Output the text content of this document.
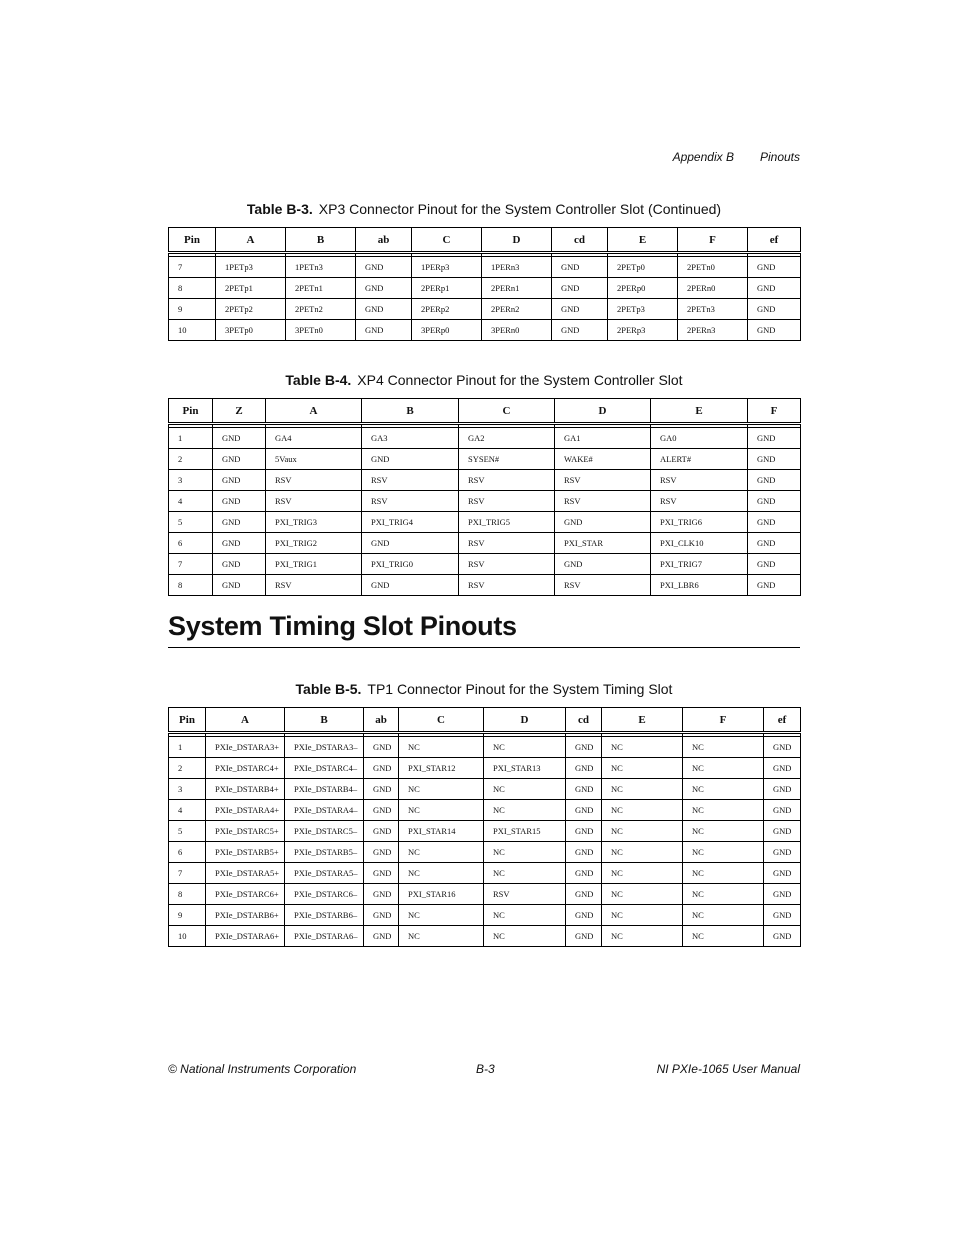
Appendix B Pinouts
Table B-3. XP3 Connector Pinout for the System Controller Slot (Continued)
Pin	A	B	ab	C	D	cd	E	F	ef

7	1PETp3	1PETn3	GND	1PERp3	1PERn3	GND	2PETp0	2PETn0	GND
8	2PETp1	2PETn1	GND	2PERp1	2PERn1	GND	2PERp0	2PERn0	GND
9	2PETp2	2PETn2	GND	2PERp2	2PERn2	GND	2PETp3	2PETn3	GND
10	3PETp0	3PETn0	GND	3PERp0	3PERn0	GND	2PERp3	2PERn3	GND
Table B-4. XP4 Connector Pinout for the System Controller Slot
Pin	Z	A	B	C	D	E	F

1	GND	GA4	GA3	GA2	GA1	GA0	GND
2	GND	5Vaux	GND	SYSEN#	WAKE#	ALERT#	GND
3	GND	RSV	RSV	RSV	RSV	RSV	GND
4	GND	RSV	RSV	RSV	RSV	RSV	GND
5	GND	PXI_TRIG3	PXI_TRIG4	PXI_TRIG5	GND	PXI_TRIG6	GND
6	GND	PXI_TRIG2	GND	RSV	PXI_STAR	PXI_CLK10	GND
7	GND	PXI_TRIG1	PXI_TRIG0	RSV	GND	PXI_TRIG7	GND
8	GND	RSV	GND	RSV	RSV	PXI_LBR6	GND
System Timing Slot Pinouts
Table B-5. TP1 Connector Pinout for the System Timing Slot
Pin	A	B	ab	C	D	cd	E	F	ef

1	PXIe_DSTARA3+	PXIe_DSTARA3–	GND	NC	NC	GND	NC	NC	GND
2	PXIe_DSTARC4+	PXIe_DSTARC4–	GND	PXI_STAR12	PXI_STAR13	GND	NC	NC	GND
3	PXIe_DSTARB4+	PXIe_DSTARB4–	GND	NC	NC	GND	NC	NC	GND
4	PXIe_DSTARA4+	PXIe_DSTARA4–	GND	NC	NC	GND	NC	NC	GND
5	PXIe_DSTARC5+	PXIe_DSTARC5–	GND	PXI_STAR14	PXI_STAR15	GND	NC	NC	GND
6	PXIe_DSTARB5+	PXIe_DSTARB5–	GND	NC	NC	GND	NC	NC	GND
7	PXIe_DSTARA5+	PXIe_DSTARA5–	GND	NC	NC	GND	NC	NC	GND
8	PXIe_DSTARC6+	PXIe_DSTARC6–	GND	PXI_STAR16	RSV	GND	NC	NC	GND
9	PXIe_DSTARB6+	PXIe_DSTARB6–	GND	NC	NC	GND	NC	NC	GND
10	PXIe_DSTARA6+	PXIe_DSTARA6–	GND	NC	NC	GND	NC	NC	GND
© National Instruments Corporation	B-3	NI PXIe-1065 User Manual
